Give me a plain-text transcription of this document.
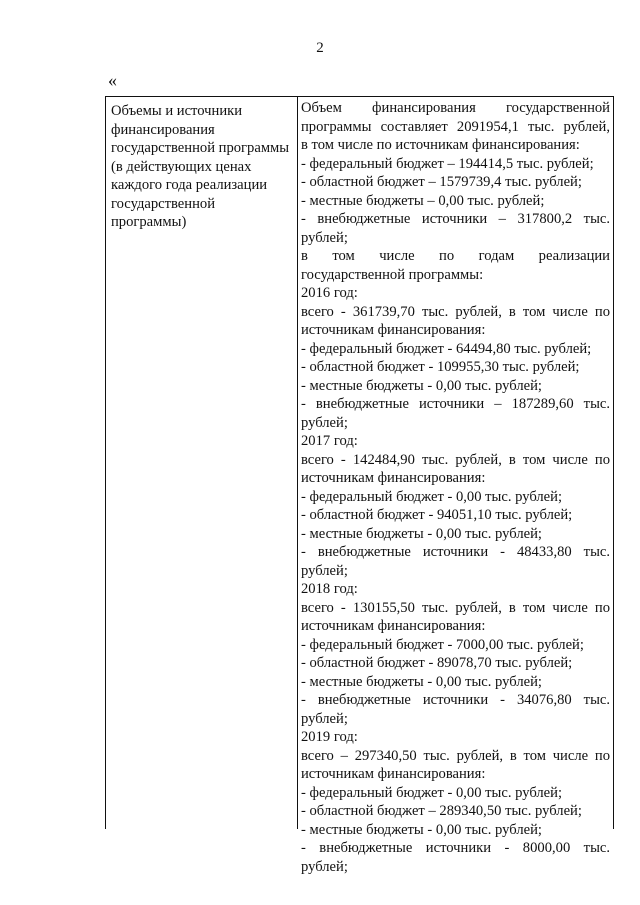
2
«
Объемы и источники
финансирования
государственной программы
(в действующих ценах
каждого года реализации
государственной
программы)
Объем финансирования государственной
программы составляет 2091954,1 тыс. рублей,
в том числе по источникам финансирования:
- федеральный бюджет – 194414,5 тыс. рублей;
- областной бюджет – 1579739,4 тыс. рублей;
- местные бюджеты – 0,00 тыс. рублей;
- внебюджетные источники – 317800,2 тыс.
рублей;
в том числе по годам реализации
государственной программы:
2016 год:
всего - 361739,70 тыс. рублей, в том числе по
источникам финансирования:
- федеральный бюджет - 64494,80 тыс. рублей;
- областной бюджет - 109955,30 тыс. рублей;
- местные бюджеты - 0,00 тыс. рублей;
- внебюджетные источники – 187289,60 тыс.
рублей;
2017 год:
всего - 142484,90 тыс. рублей, в том числе по
источникам финансирования:
- федеральный бюджет - 0,00 тыс. рублей;
- областной бюджет - 94051,10 тыс. рублей;
- местные бюджеты - 0,00 тыс. рублей;
- внебюджетные источники - 48433,80 тыс.
рублей;
2018 год:
всего - 130155,50 тыс. рублей, в том числе по
источникам финансирования:
- федеральный бюджет - 7000,00 тыс. рублей;
- областной бюджет - 89078,70 тыс. рублей;
- местные бюджеты - 0,00 тыс. рублей;
- внебюджетные источники - 34076,80 тыс.
рублей;
2019 год:
всего – 297340,50 тыс. рублей, в том числе по
источникам финансирования:
- федеральный бюджет - 0,00 тыс. рублей;
- областной бюджет – 289340,50 тыс. рублей;
- местные бюджеты - 0,00 тыс. рублей;
- внебюджетные источники - 8000,00 тыс.
рублей;
